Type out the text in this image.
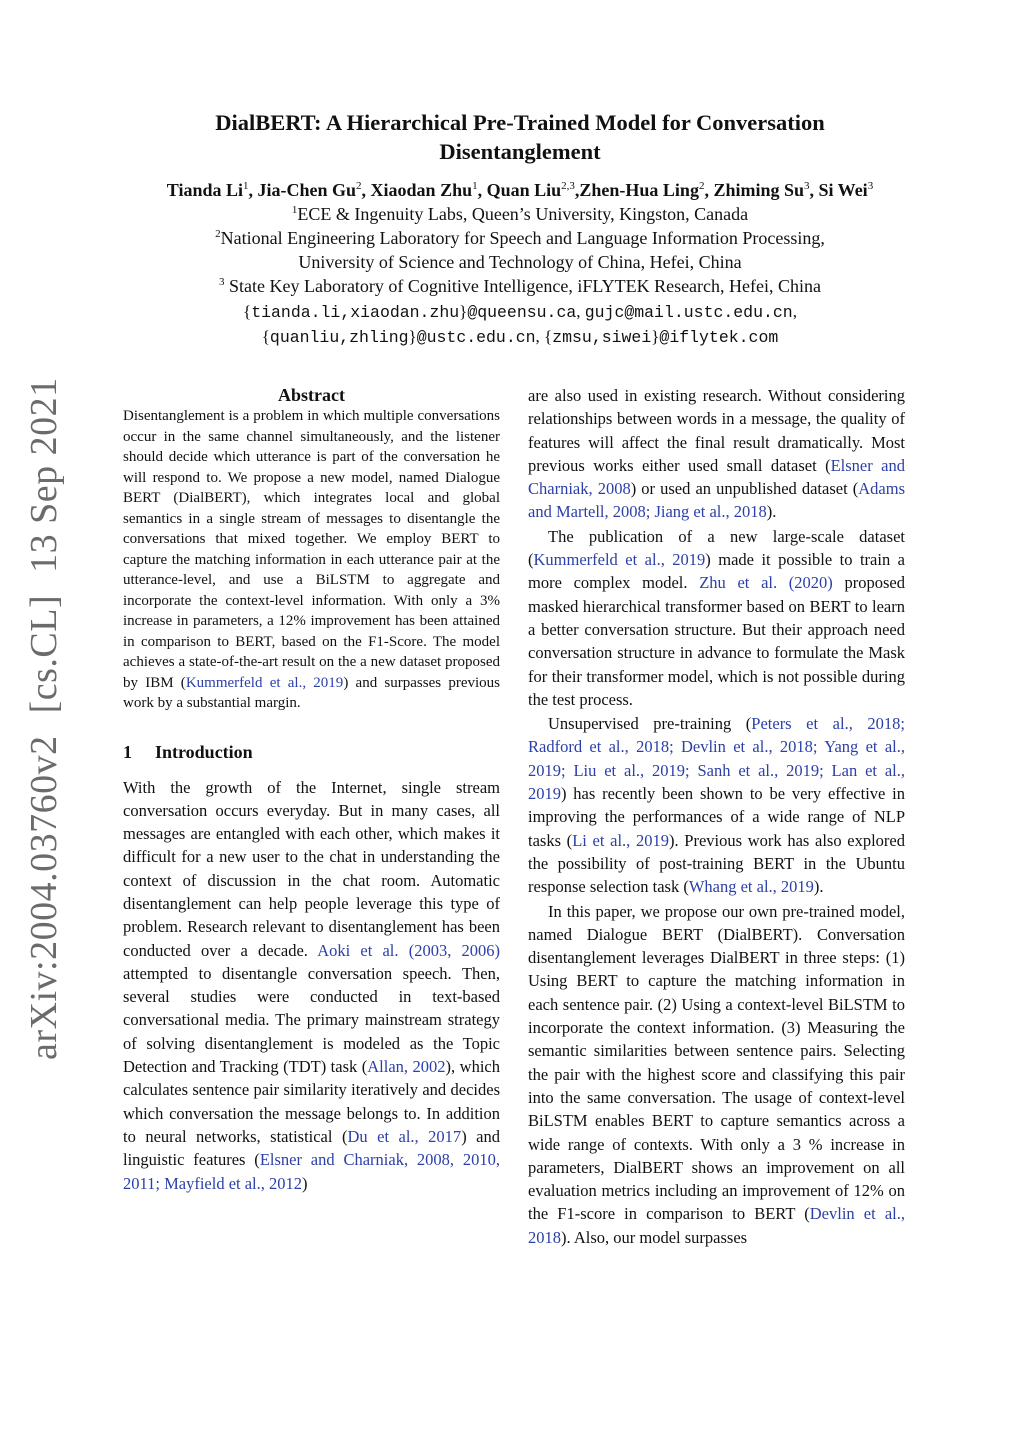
arXiv:2004.03760v2[cs.CL]13 Sep 2021
DialBERT: A Hierarchical Pre-Trained Model for Conversation
Disentanglement
Tianda Li$^1$, Jia-Chen Gu$^2$, Xiaodan Zhu$^1$, Quan Liu$^{2,3}$,Zhen-Hua Ling$^2$, Zhiming Su$^3$, Si Wei$^3$
$^1$ECE & Ingenuity Labs, Queen’s University, Kingston, Canada
$^2$National Engineering Laboratory for Speech and Language Information Processing,
University of Science and Technology of China, Hefei, China
$^3$ State Key Laboratory of Cognitive Intelligence, iFLYTEK Research, Hefei, China
{tianda.li,xiaodan.zhu}@queensu.ca, gujc@mail.ustc.edu.cn,
{quanliu,zhling}@ustc.edu.cn, {zmsu,siwei}@iflytek.com
Abstract

Disentanglement is a problem in which multiple conversations occur in the same channel simultaneously, and the listener should decide which utterance is part of the conversation he will respond to. We propose a new model, named Dialogue BERT (DialBERT), which integrates local and global semantics in a single stream of messages to disentangle the conversations that mixed together. We employ BERT to capture the matching information in each utterance pair at the utterance-level, and use a BiLSTM to aggregate and incorporate the context-level information. With only a 3% increase in parameters, a 12% improvement has been attained in comparison to BERT, based on the F1-Score. The model achieves a state-of-the-art result on the a new dataset proposed by IBM (Kummerfeld et al., 2019) and surpasses previous work by a substantial margin.

1 Introduction

With the growth of the Internet, single stream conversation occurs everyday. But in many cases, all messages are entangled with each other, which makes it difficult for a new user to the chat in understanding the context of discussion in the chat room. Automatic disentanglement can help people leverage this type of problem. Research relevant to disentanglement has been conducted over a decade. Aoki et al. (2003, 2006) attempted to disentangle conversation speech. Then, several studies were conducted in text-based conversational media. The primary mainstream strategy of solving disentanglement is modeled as the Topic Detection and Tracking (TDT) task (Allan, 2002), which calculates sentence pair similarity iteratively and decides which conversation the message belongs to. In addition to neural networks, statistical (Du et al., 2017) and linguistic features (Elsner and Charniak, 2008, 2010, 2011; Mayfield et al., 2012)

are also used in existing research. Without considering relationships between words in a message, the quality of features will affect the final result dramatically. Most previous works either used small dataset (Elsner and Charniak, 2008) or used an unpublished dataset (Adams and Martell, 2008; Jiang et al., 2018).

The publication of a new large-scale dataset (Kummerfeld et al., 2019) made it possible to train a more complex model. Zhu et al. (2020) proposed masked hierarchical transformer based on BERT to learn a better conversation structure. But their approach need conversation structure in advance to formulate the Mask for their transformer model, which is not possible during the test process.

Unsupervised pre-training (Peters et al., 2018; Radford et al., 2018; Devlin et al., 2018; Yang et al., 2019; Liu et al., 2019; Sanh et al., 2019; Lan et al., 2019) has recently been shown to be very effective in improving the performances of a wide range of NLP tasks (Li et al., 2019). Previous work has also explored the possibility of post-training BERT in the Ubuntu response selection task (Whang et al., 2019).

In this paper, we propose our own pre-trained model, named Dialogue BERT (DialBERT). Conversation disentanglement leverages DialBERT in three steps: (1) Using BERT to capture the matching information in each sentence pair. (2) Using a context-level BiLSTM to incorporate the context information. (3) Measuring the semantic similarities between sentence pairs. Selecting the pair with the highest score and classifying this pair into the same conversation. The usage of context-level BiLSTM enables BERT to capture semantics across a wide range of contexts. With only a 3 % increase in parameters, DialBERT shows an improvement on all evaluation metrics including an improvement of 12% on the F1-score in comparison to BERT (Devlin et al., 2018). Also, our model surpasses
